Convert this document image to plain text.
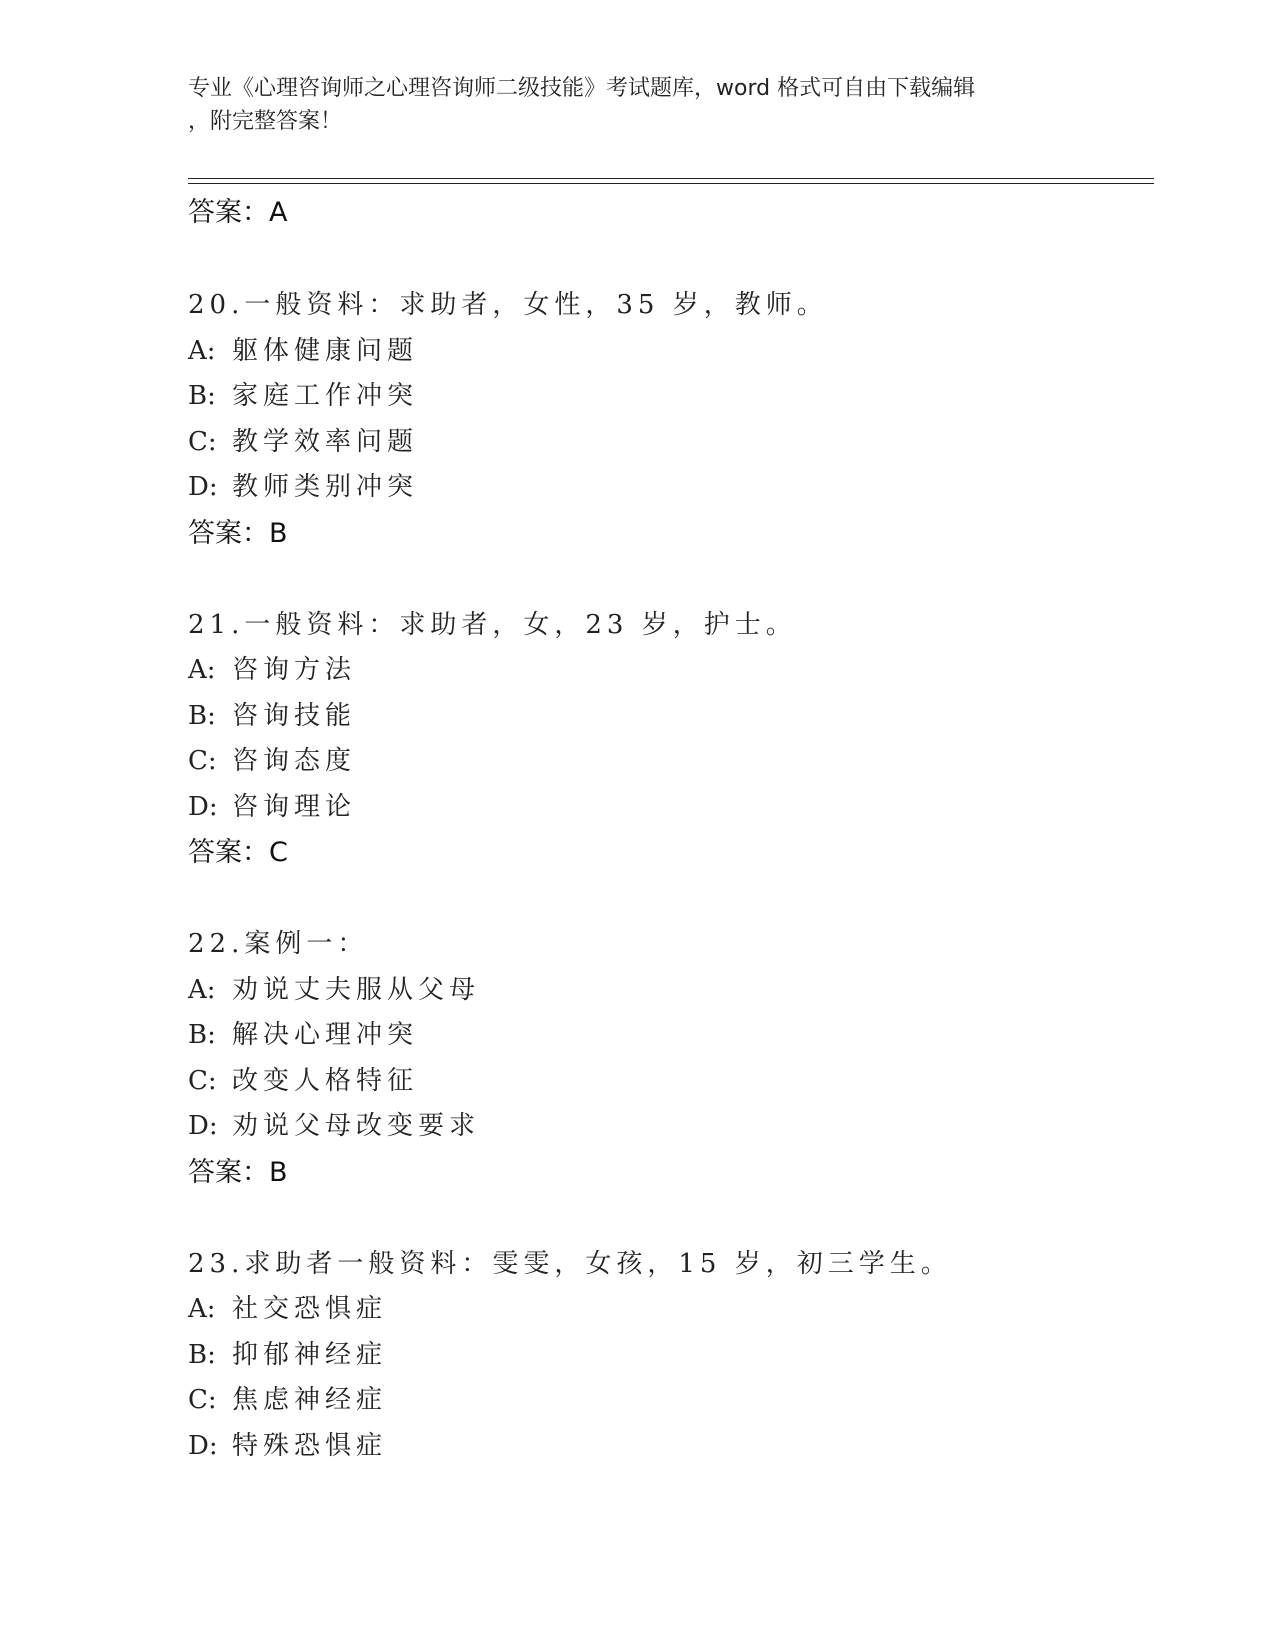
专业《心理咨询师之心理咨询师二级技能》考试题库，word 格式可自由下载编辑
，附完整答案！
答案：A
20.一般资料：求助者，女性，35 岁，教师。
A: 躯体健康问题
B: 家庭工作冲突
C: 教学效率问题
D: 教师类别冲突
答案：B
21.一般资料：求助者，女，23 岁，护士。
A: 咨询方法
B: 咨询技能
C: 咨询态度
D: 咨询理论
答案：C
22.案例一：
A: 劝说丈夫服从父母
B: 解决心理冲突
C: 改变人格特征
D: 劝说父母改变要求
答案：B
23.求助者一般资料：雯雯，女孩，15 岁，初三学生。
A: 社交恐惧症
B: 抑郁神经症
C: 焦虑神经症
D: 特殊恐惧症
